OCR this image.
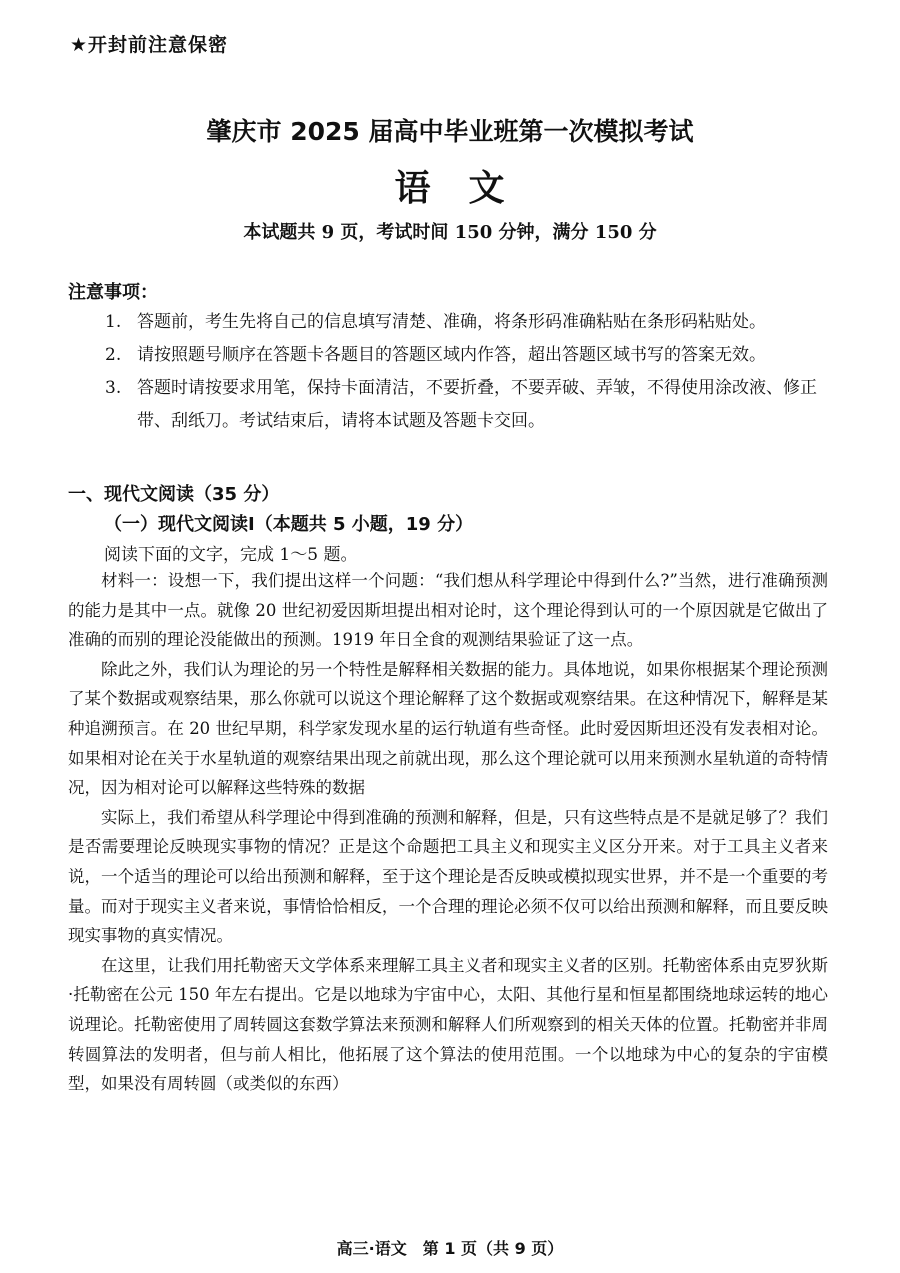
★开封前注意保密
肇庆市 2025 届高中毕业班第一次模拟考试
语　文
本试题共 9 页，考试时间 150 分钟，满分 150 分
注意事项：
1. 答题前，考生先将自己的信息填写清楚、准确，将条形码准确粘贴在条形码粘贴处。
2. 请按照题号顺序在答题卡各题目的答题区域内作答，超出答题区域书写的答案无效。
3. 答题时请按要求用笔，保持卡面清洁，不要折叠，不要弄破、弄皱，不得使用涂改液、修正带、刮纸刀。考试结束后，请将本试题及答题卡交回。
一、现代文阅读（35 分）
（一）现代文阅读Ⅰ（本题共 5 小题，19 分）
阅读下面的文字，完成 1～5 题。

材料一：设想一下，我们提出这样一个问题：“我们想从科学理论中得到什么?”当然，进行准确预测的能力是其中一点。就像 20 世纪初爱因斯坦提出相对论时，这个理论得到认可的一个原因就是它做出了准确的而别的理论没能做出的预测。1919 年日全食的观测结果验证了这一点。

除此之外，我们认为理论的另一个特性是解释相关数据的能力。具体地说，如果你根据某个理论预测了某个数据或观察结果，那么你就可以说这个理论解释了这个数据或观察结果。在这种情况下，解释是某种追溯预言。在 20 世纪早期，科学家发现水星的运行轨道有些奇怪。此时爱因斯坦还没有发表相对论。如果相对论在关于水星轨道的观察结果出现之前就出现，那么这个理论就可以用来预测水星轨道的奇特情况，因为相对论可以解释这些特殊的数据

实际上，我们希望从科学理论中得到准确的预测和解释，但是，只有这些特点是不是就足够了？我们是否需要理论反映现实事物的情况？正是这个命题把工具主义和现实主义区分开来。对于工具主义者来说，一个适当的理论可以给出预测和解释，至于这个理论是否反映或模拟现实世界，并不是一个重要的考量。而对于现实主义者来说，事情恰恰相反，一个合理的理论必须不仅可以给出预测和解释，而且要反映现实事物的真实情况。

在这里，让我们用托勒密天文学体系来理解工具主义者和现实主义者的区别。托勒密体系由克罗狄斯·托勒密在公元 150 年左右提出。它是以地球为宇宙中心，太阳、其他行星和恒星都围绕地球运转的地心说理论。托勒密使用了周转圆这套数学算法来预测和解释人们所观察到的相关天体的位置。托勒密并非周转圆算法的发明者，但与前人相比，他拓展了这个算法的使用范围。一个以地球为中心的复杂的宇宙模型，如果没有周转圆（或类似的东西）

高三·语文　第 1 页（共 9 页）
